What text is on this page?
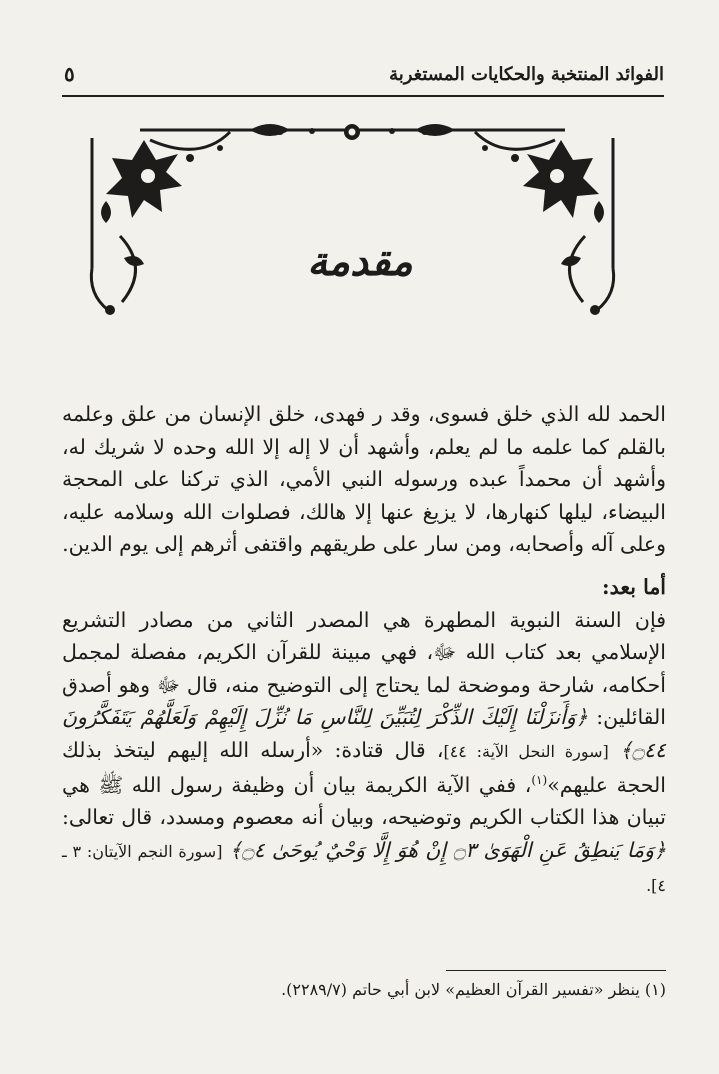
٥	الفوائد المنتخبة والحكايات المستغربة
مقدمة

الحمد لله الذي خلق فسوى، وقد ر فهدى، خلق الإنسان من علق وعلمه بالقلم كما علمه ما لم يعلم، وأشهد أن لا إله إلا الله وحده لا شريك له، وأشهد أن محمداً عبده ورسوله النبي الأمي، الذي تركنا على المحجة البيضاء، ليلها كنهارها، لا يزيغ عنها إلا هالك، فصلوات الله وسلامه عليه، وعلى آله وأصحابه، ومن سار على طريقهم واقتفى أثرهم إلى يوم الدين.

أما بعد:

فإن السنة النبوية المطهرة هي المصدر الثاني من مصادر التشريع الإسلامي بعد كتاب الله ﷻ، فهي مبينة للقرآن الكريم، مفصلة لمجمل أحكامه، شارحة وموضحة لما يحتاج إلى التوضيح منه، قال ﷻ وهو أصدق القائلين: ﴿وَأَنزَلْنَا إِلَيْكَ الذِّكْرَ لِتُبَيِّنَ لِلنَّاسِ مَا نُزِّلَ إِلَيْهِمْ وَلَعَلَّهُمْ يَتَفَكَّرُونَ ۝٤٤﴾ [سورة النحل الآية: ٤٤]، قال قتادة: «أرسله الله إليهم ليتخذ بذلك الحجة عليهم»$^{(١)}$، ففي الآية الكريمة بيان أن وظيفة رسول الله ﷺ هي تبيان هذا الكتاب الكريم وتوضيحه، وبيان أنه معصوم ومسدد، قال تعالى: ﴿وَمَا يَنطِقُ عَنِ الْهَوَىٰ ۝٣ إِنْ هُوَ إِلَّا وَحْيٌ يُوحَىٰ ۝٤﴾ [سورة النجم الآيتان: ٣ ـ ٤].

(١) ينظر «تفسير القرآن العظيم» لابن أبي حاتم (٢٢٨٩/٧).
